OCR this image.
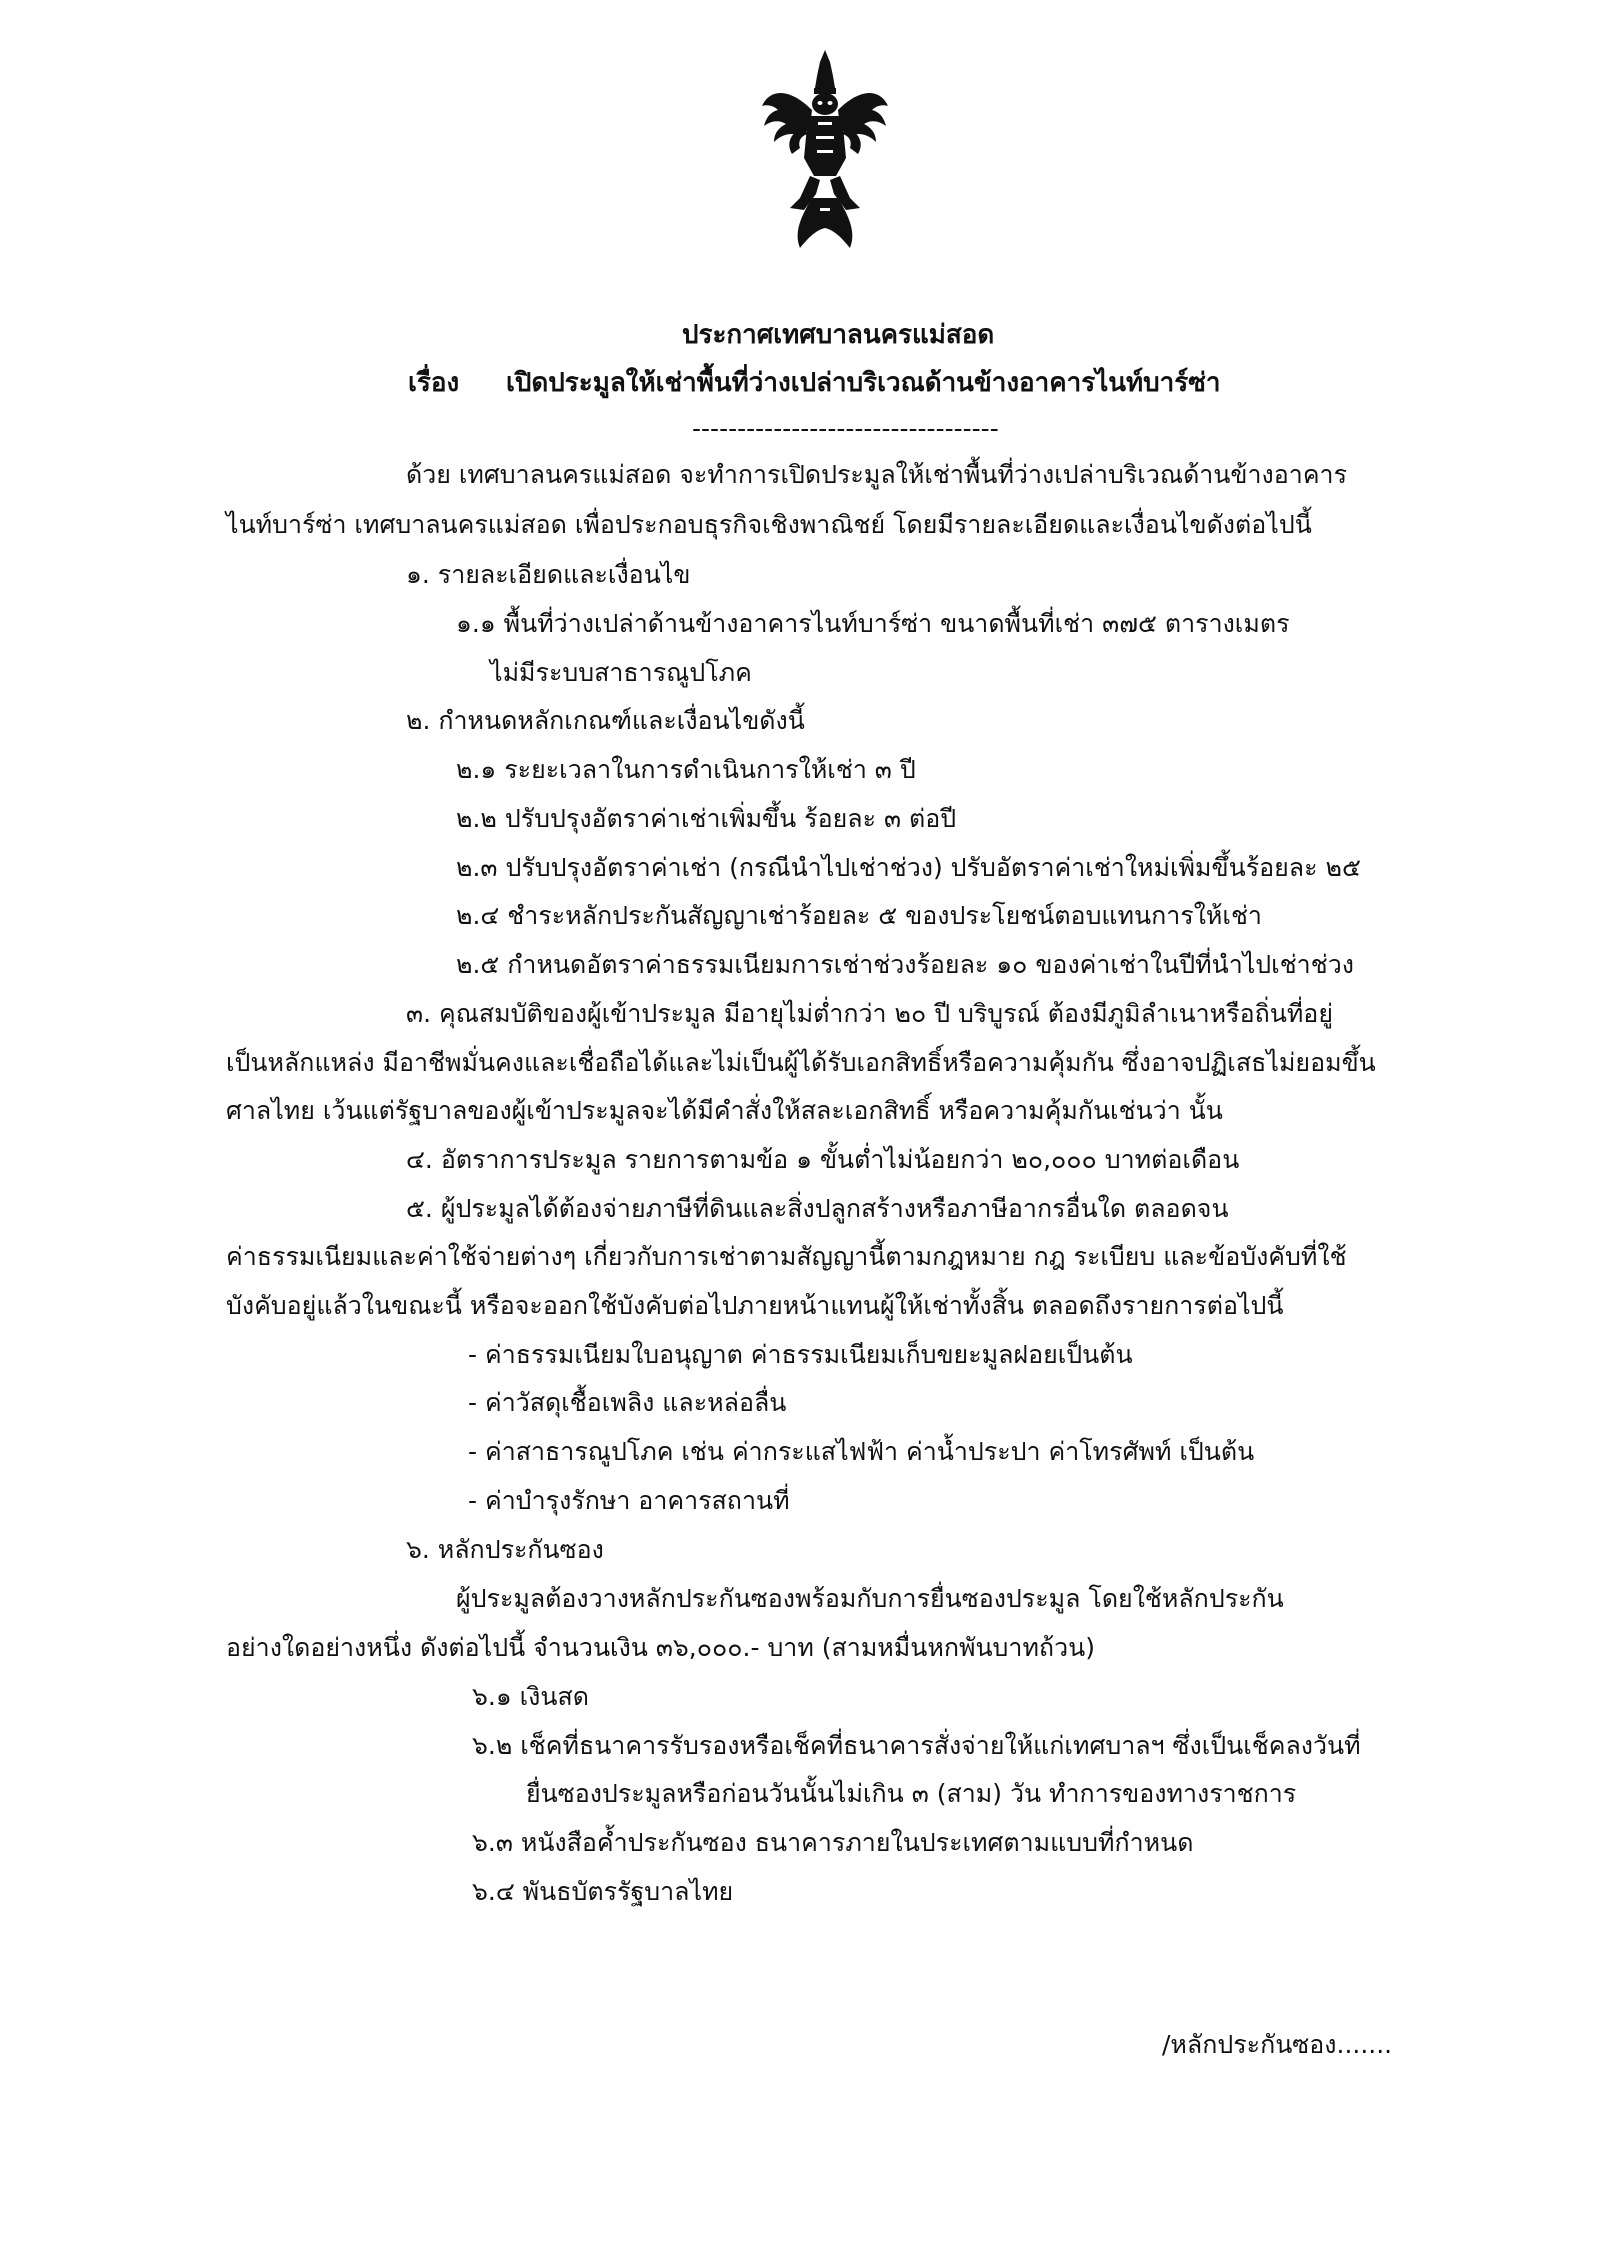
ประกาศเทศบาลนครแม่สอด
เรื่อง เปิดประมูลให้เช่าพื้นที่ว่างเปล่าบริเวณด้านข้างอาคารไนท์บาร์ซ่า
----------------------------------
ด้วย เทศบาลนครแม่สอด จะทำการเปิดประมูลให้เช่าพื้นที่ว่างเปล่าบริเวณด้านข้างอาคาร
ไนท์บาร์ซ่า เทศบาลนครแม่สอด เพื่อประกอบธุรกิจเชิงพาณิชย์ โดยมีรายละเอียดและเงื่อนไขดังต่อไปนี้
๑. รายละเอียดและเงื่อนไข
๑.๑ พื้นที่ว่างเปล่าด้านข้างอาคารไนท์บาร์ซ่า ขนาดพื้นที่เช่า ๓๗๕ ตารางเมตร
ไม่มีระบบสาธารณูปโภค
๒. กำหนดหลักเกณฑ์และเงื่อนไขดังนี้
๒.๑ ระยะเวลาในการดำเนินการให้เช่า ๓ ปี
๒.๒ ปรับปรุงอัตราค่าเช่าเพิ่มขึ้น ร้อยละ ๓ ต่อปี
๒.๓ ปรับปรุงอัตราค่าเช่า (กรณีนำไปเช่าช่วง) ปรับอัตราค่าเช่าใหม่เพิ่มขึ้นร้อยละ ๒๕
๒.๔ ชำระหลักประกันสัญญาเช่าร้อยละ ๕ ของประโยชน์ตอบแทนการให้เช่า
๒.๕ กำหนดอัตราค่าธรรมเนียมการเช่าช่วงร้อยละ ๑๐ ของค่าเช่าในปีที่นำไปเช่าช่วง
๓. คุณสมบัติของผู้เข้าประมูล มีอายุไม่ต่ำกว่า ๒๐ ปี บริบูรณ์ ต้องมีภูมิลำเนาหรือถิ่นที่อยู่
เป็นหลักแหล่ง มีอาชีพมั่นคงและเชื่อถือได้และไม่เป็นผู้ได้รับเอกสิทธิ์หรือความคุ้มกัน ซึ่งอาจปฏิเสธไม่ยอมขึ้น
ศาลไทย เว้นแต่รัฐบาลของผู้เข้าประมูลจะได้มีคำสั่งให้สละเอกสิทธิ์ หรือความคุ้มกันเช่นว่า นั้น
๔. อัตราการประมูล รายการตามข้อ ๑ ขั้นต่ำไม่น้อยกว่า ๒๐,๐๐๐ บาทต่อเดือน
๕. ผู้ประมูลได้ต้องจ่ายภาษีที่ดินและสิ่งปลูกสร้างหรือภาษีอากรอื่นใด ตลอดจน
ค่าธรรมเนียมและค่าใช้จ่ายต่างๆ เกี่ยวกับการเช่าตามสัญญานี้ตามกฎหมาย กฎ ระเบียบ และข้อบังคับที่ใช้
บังคับอยู่แล้วในขณะนี้ หรือจะออกใช้บังคับต่อไปภายหน้าแทนผู้ให้เช่าทั้งสิ้น ตลอดถึงรายการต่อไปนี้
- ค่าธรรมเนียมใบอนุญาต ค่าธรรมเนียมเก็บขยะมูลฝอยเป็นต้น
- ค่าวัสดุเชื้อเพลิง และหล่อลื่น
- ค่าสาธารณูปโภค เช่น ค่ากระแสไฟฟ้า ค่าน้ำประปา ค่าโทรศัพท์ เป็นต้น
- ค่าบำรุงรักษา อาคารสถานที่
๖. หลักประกันซอง
ผู้ประมูลต้องวางหลักประกันซองพร้อมกับการยื่นซองประมูล โดยใช้หลักประกัน
อย่างใดอย่างหนึ่ง ดังต่อไปนี้ จำนวนเงิน ๓๖,๐๐๐.- บาท (สามหมื่นหกพันบาทถ้วน)
๖.๑ เงินสด
๖.๒ เช็คที่ธนาคารรับรองหรือเช็คที่ธนาคารสั่งจ่ายให้แก่เทศบาลฯ ซึ่งเป็นเช็คลงวันที่
ยื่นซองประมูลหรือก่อนวันนั้นไม่เกิน ๓ (สาม) วัน ทำการของทางราชการ
๖.๓ หนังสือค้ำประกันซอง ธนาคารภายในประเทศตามแบบที่กำหนด
๖.๔ พันธบัตรรัฐบาลไทย
/หลักประกันซอง.......
